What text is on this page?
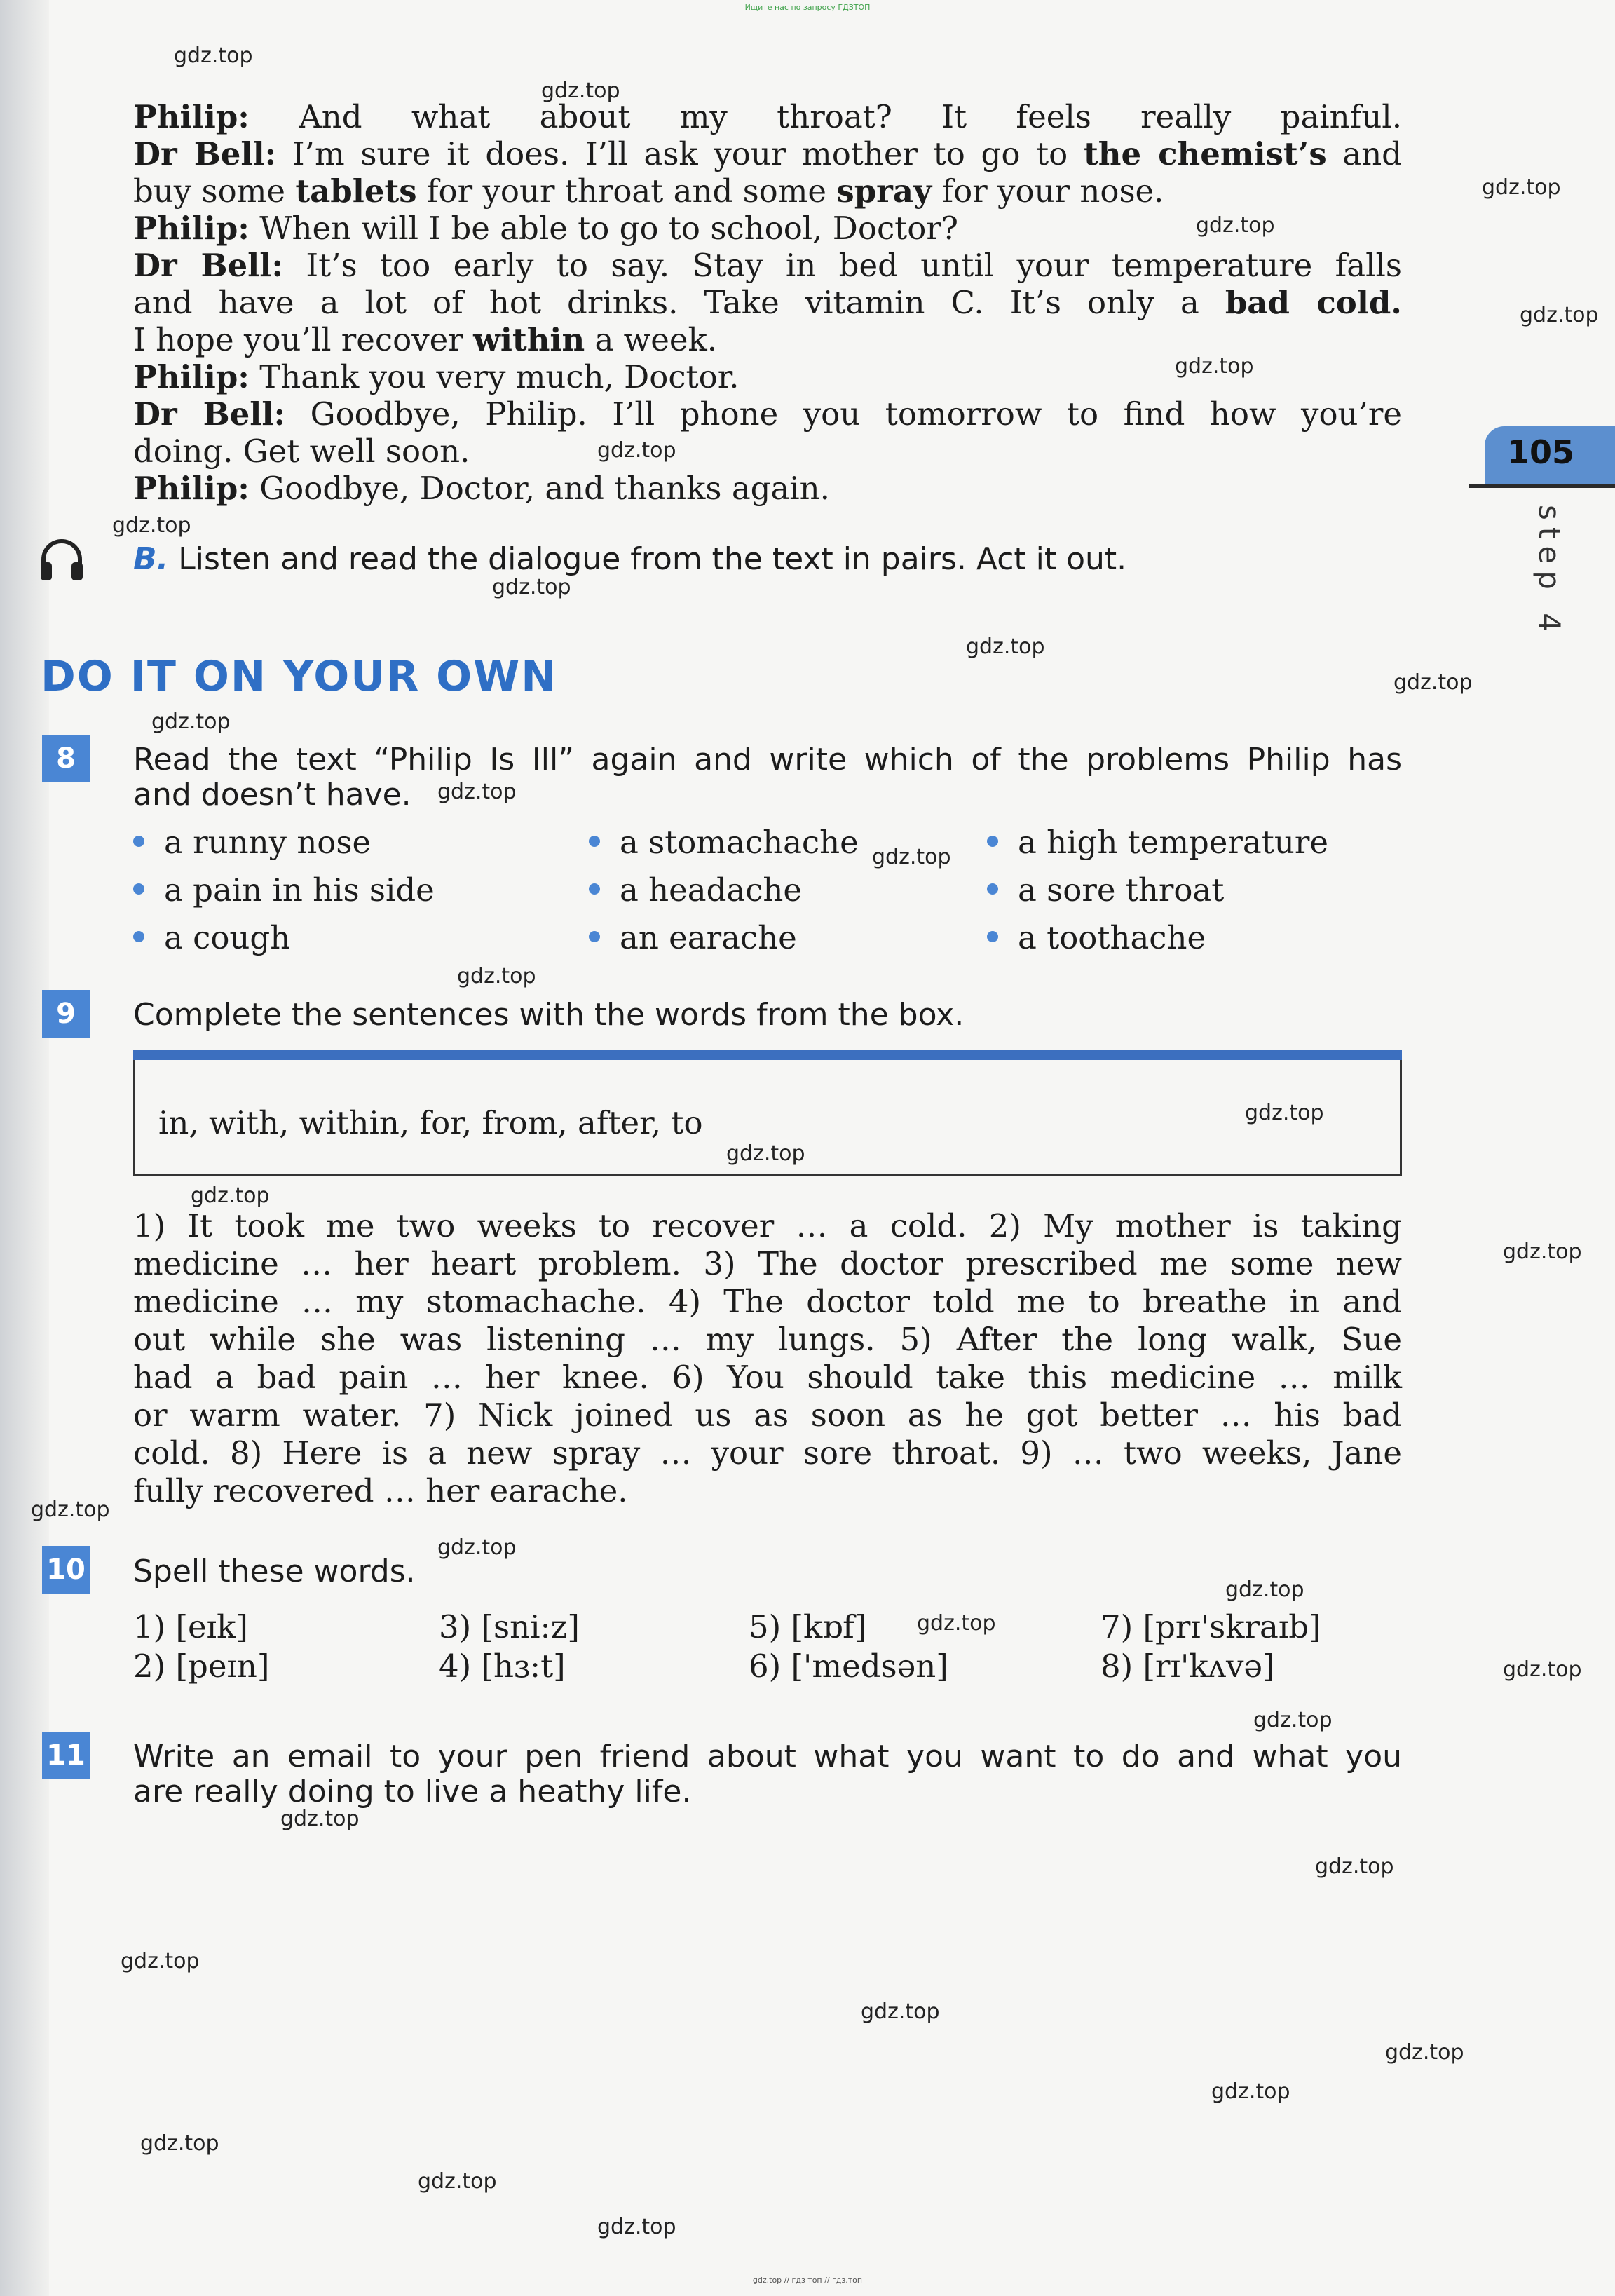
Ищите нас по запросу ГДЗТОП
105
step 4
Philip: And what about my throat? It feels really painful.
Dr Bell: I’m sure it does. I’ll ask your mother to go to the chemist’s and
buy some tablets for your throat and some spray for your nose.
Philip: When will I be able to go to school, Doctor?
Dr Bell: It’s too early to say. Stay in bed until your temperature falls
and have a lot of hot drinks. Take vitamin C. It’s only a bad cold.
I hope you’ll recover within a week.
Philip: Thank you very much, Doctor.
Dr Bell: Goodbye, Philip. I’ll phone you tomorrow to find how you’re
doing. Get well soon.
Philip: Goodbye, Doctor, and thanks again.
B. Listen and read the dialogue from the text in pairs. Act it out.
DO IT ON YOUR OWN
8	Read the text “Philip Is Ill” again and write which of the problems Philip has
and doesn’t have.
a runny nose	a stomachache	a high temperature
a pain in his side	a headache	a sore throat
a cough	an earache	a toothache
9	Complete the sentences with the words from the box.
in, with, within, for, from, after, to
1) It took me two weeks to recover … a cold. 2) My mother is taking
medicine … her heart problem. 3) The doctor prescribed me some new
medicine … my stomachache. 4) The doctor told me to breathe in and
out while she was listening … my lungs. 5) After the long walk, Sue
had a bad pain … her knee. 6) You should take this medicine … milk
or warm water. 7) Nick joined us as soon as he got better … his bad
cold. 8) Here is a new spray … your sore throat. 9) … two weeks, Jane
fully recovered … her earache.
10 Spell these words.
1) [eɪk]	3) [sni:z]	5) [kɒf]	7) [prɪ'skraɪb]
2) [peɪn]	4) [hɜ:t]	6) ['medsən]	8) [rɪ'kʌvə]
11 Write an email to your pen friend about what you want to do and what you
are really doing to live a heathy life.
gdz.top
gdz.top
gdz.top
gdz.top
gdz.top
gdz.top
gdz.top
gdz.top
gdz.top
gdz.top
gdz.top
gdz.top
gdz.top
gdz.top
gdz.top
gdz.top
gdz.top
gdz.top
gdz.top
gdz.top
gdz.top
gdz.top
gdz.top
gdz.top
gdz.top
gdz.top
gdz.top
gdz.top
gdz.top
gdz.top
gdz.top
gdz.top
gdz.top
gdz.top
gdz.top // гдз топ // гдз.топ
